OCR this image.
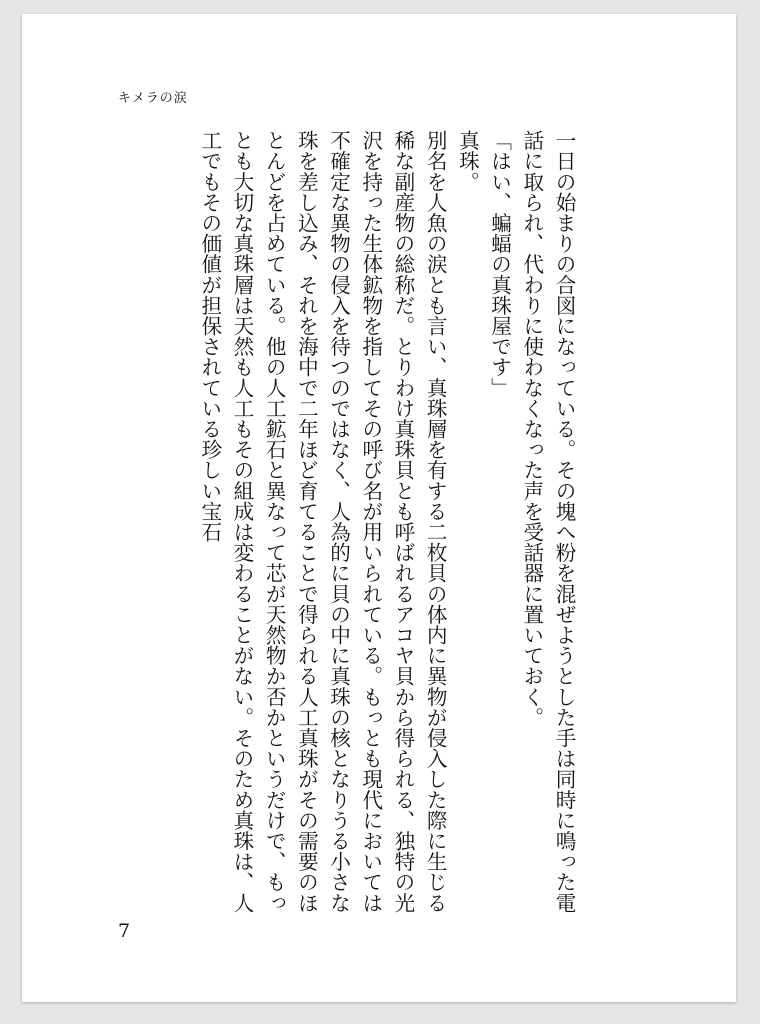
キメラの涙

一日の始まりの合図になっている。その塊へ粉を混ぜようとした手は同時に鳴った電話に取られ、代わりに使わなくなった声を受話器に置いておく。

「はい、蝙蝠の真珠屋です」

真珠。

別名を人魚の涙とも言い、真珠層を有する二枚貝の体内に異物が侵入した際に生じる稀な副産物の総称だ。とりわけ真珠貝とも呼ばれるアコヤ貝から得られる、独特の光沢を持った生体鉱物を指してその呼び名が用いられている。もっとも現代においては不確定な異物の侵入を待つのではなく、人為的に貝の中に真珠の核となりうる小さな珠を差し込み、それを海中で二年ほど育てることで得られる人工真珠がその需要のほとんどを占めている。他の人工鉱石と異なって芯が天然物か否かというだけで、もっとも大切な真珠層は天然も人工もその組成は変わることがない。そのため真珠は、人工でもその価値が担保されている珍しい宝石

7
